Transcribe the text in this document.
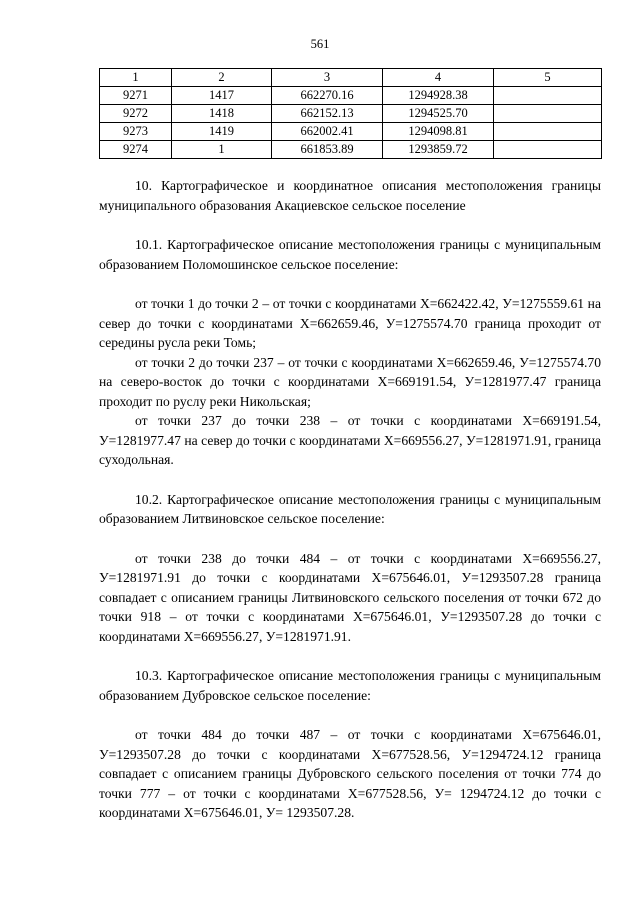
561
1	2	3	4	5
9271	1417	662270.16	1294928.38	
9272	1418	662152.13	1294525.70	
9273	1419	662002.41	1294098.81	
9274	1	661853.89	1293859.72	

10. Картографическое и координатное описания местоположения границы муниципального образования Акациевское сельское поселение

10.1. Картографическое описание местоположения границы с муниципальным образованием Поломошинское сельское поселение:

от точки 1 до точки 2 – от точки с координатами X=662422.42, У=1275559.61 на север до точки с координатами X=662659.46, У=1275574.70 граница проходит от середины русла реки Томь;

от точки 2 до точки 237 – от точки с координатами X=662659.46, У=1275574.70 на северо-восток до точки с координатами X=669191.54, У=1281977.47 граница проходит по руслу реки Никольская;

от точки 237 до точки 238 – от точки с координатами X=669191.54, У=1281977.47 на север до точки с координатами X=669556.27, У=1281971.91, граница суходольная.

10.2. Картографическое описание местоположения границы с муниципальным образованием Литвиновское сельское поселение:

от точки 238 до точки 484 – от точки с координатами X=669556.27, У=1281971.91 до точки с координатами X=675646.01, У=1293507.28 граница совпадает с описанием границы Литвиновского сельского поселения от точки 672 до точки 918 – от точки с координатами X=675646.01, У=1293507.28 до точки с координатами X=669556.27, У=1281971.91.

10.3. Картографическое описание местоположения границы с муниципальным образованием Дубровское сельское поселение:

от точки 484 до точки 487 – от точки с координатами X=675646.01, У=1293507.28 до точки с координатами X=677528.56, У=1294724.12 граница совпадает с описанием границы Дубровского сельского поселения от точки 774 до точки 777 – от точки с координатами X=677528.56, У= 1294724.12 до точки с координатами X=675646.01, У= 1293507.28.
